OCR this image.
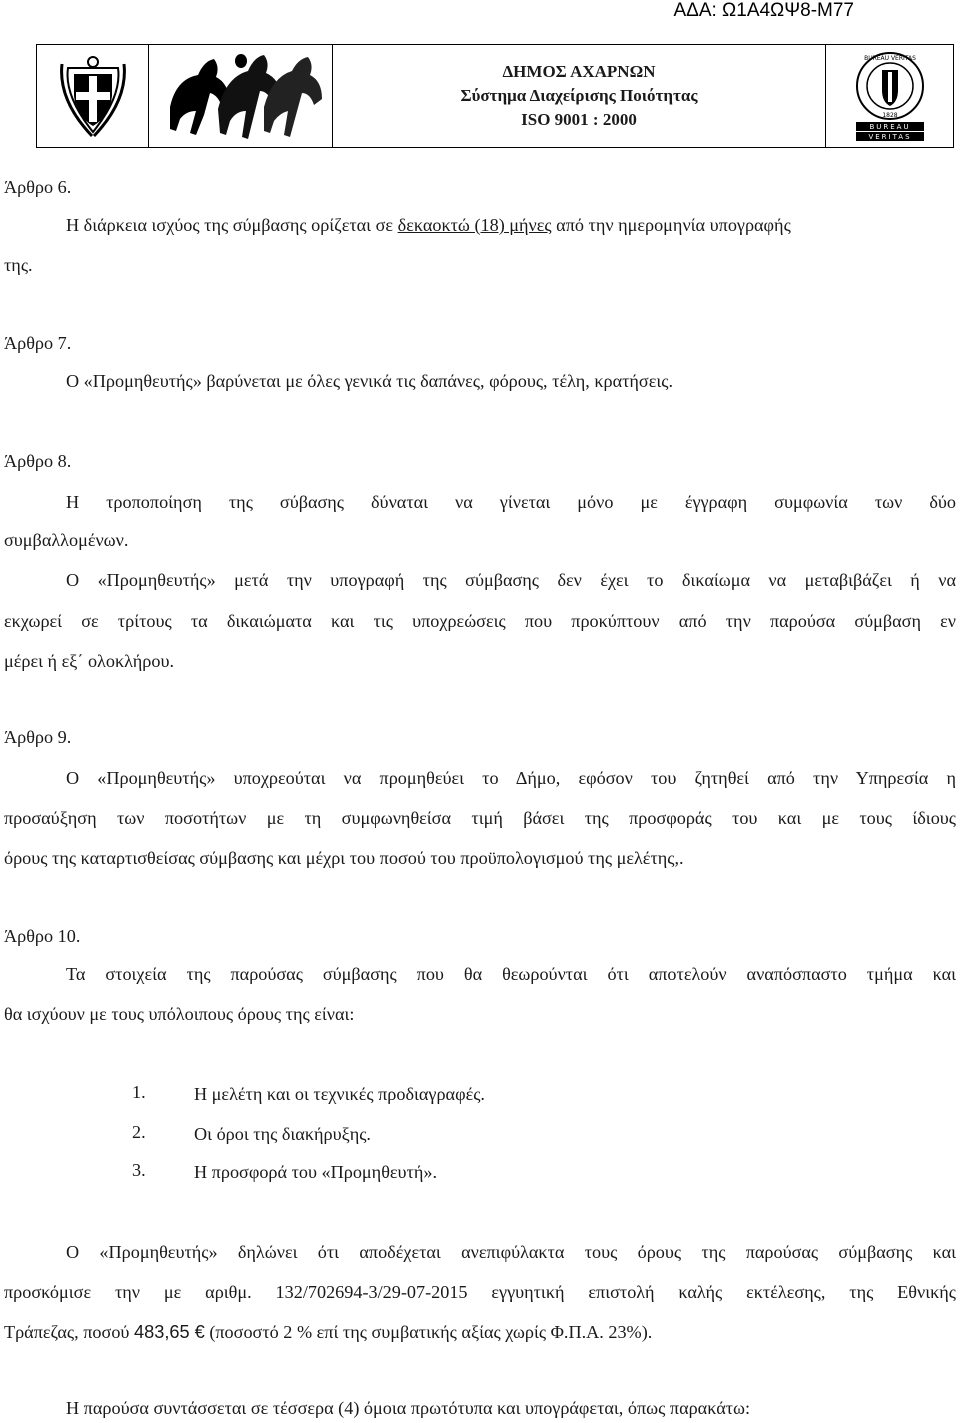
ΑΔΑ: Ω1Α4ΩΨ8-Μ77
ΔΗΜΟΣ ΑΧΑΡΝΩΝ
Σύστημα Διαχείρισης Ποιότητας
ISO 9001 : 2000
BUREAU VERITAS
1828
BUREAU
VERITAS
Άρθρο 6.
Η διάρκεια ισχύος της σύμβασης ορίζεται σε δεκαοκτώ (18) μήνες από την ημερομηνία υπογραφής
της.
Άρθρο 7.
Ο «Προμηθευτής» βαρύνεται με όλες γενικά τις δαπάνες, φόρους, τέλη, κρατήσεις.
Άρθρο 8.
Η τροποποίηση της σύβασης δύναται να γίνεται μόνο με έγγραφη συμφωνία των δύο
συμβαλλομένων.
Ο «Προμηθευτής» μετά την υπογραφή της σύμβασης δεν έχει το δικαίωμα να μεταβιβάζει ή να
εκχωρεί σε τρίτους τα δικαιώματα και τις υποχρεώσεις που προκύπτουν από την παρούσα σύμβαση εν
μέρει ή εξ΄ ολοκλήρου.
Άρθρο 9.
Ο «Προμηθευτής» υποχρεούται να προμηθεύει το Δήμο, εφόσον του ζητηθεί από την Υπηρεσία η
προσαύξηση των ποσοτήτων με τη συμφωνηθείσα τιμή βάσει της προσφοράς του και με τους ίδιους
όρους της καταρτισθείσας σύμβασης και μέχρι του ποσού του προϋπολογισμού της μελέτης,.
Άρθρο 10.
Τα στοιχεία της παρούσας σύμβασης που θα θεωρούνται ότι αποτελούν αναπόσπαστο τμήμα και
θα ισχύουν με τους υπόλοιπους όρους της είναι:
1.	Η μελέτη και οι τεχνικές προδιαγραφές.
2.	Οι όροι της διακήρυξης.
3.	Η προσφορά του «Προμηθευτή».
Ο «Προμηθευτής» δηλώνει ότι αποδέχεται ανεπιφύλακτα τους όρους της παρούσας σύμβασης και
προσκόμισε την με αριθμ. 132/702694-3/29-07-2015 εγγυητική επιστολή καλής εκτέλεσης, της Εθνικής
Τράπεζας, ποσού 483,65 € (ποσοστό 2 % επί της συμβατικής αξίας χωρίς Φ.Π.Α. 23%).
Η παρούσα συντάσσεται σε τέσσερα (4) όμοια πρωτότυπα και υπογράφεται, όπως παρακάτω:
